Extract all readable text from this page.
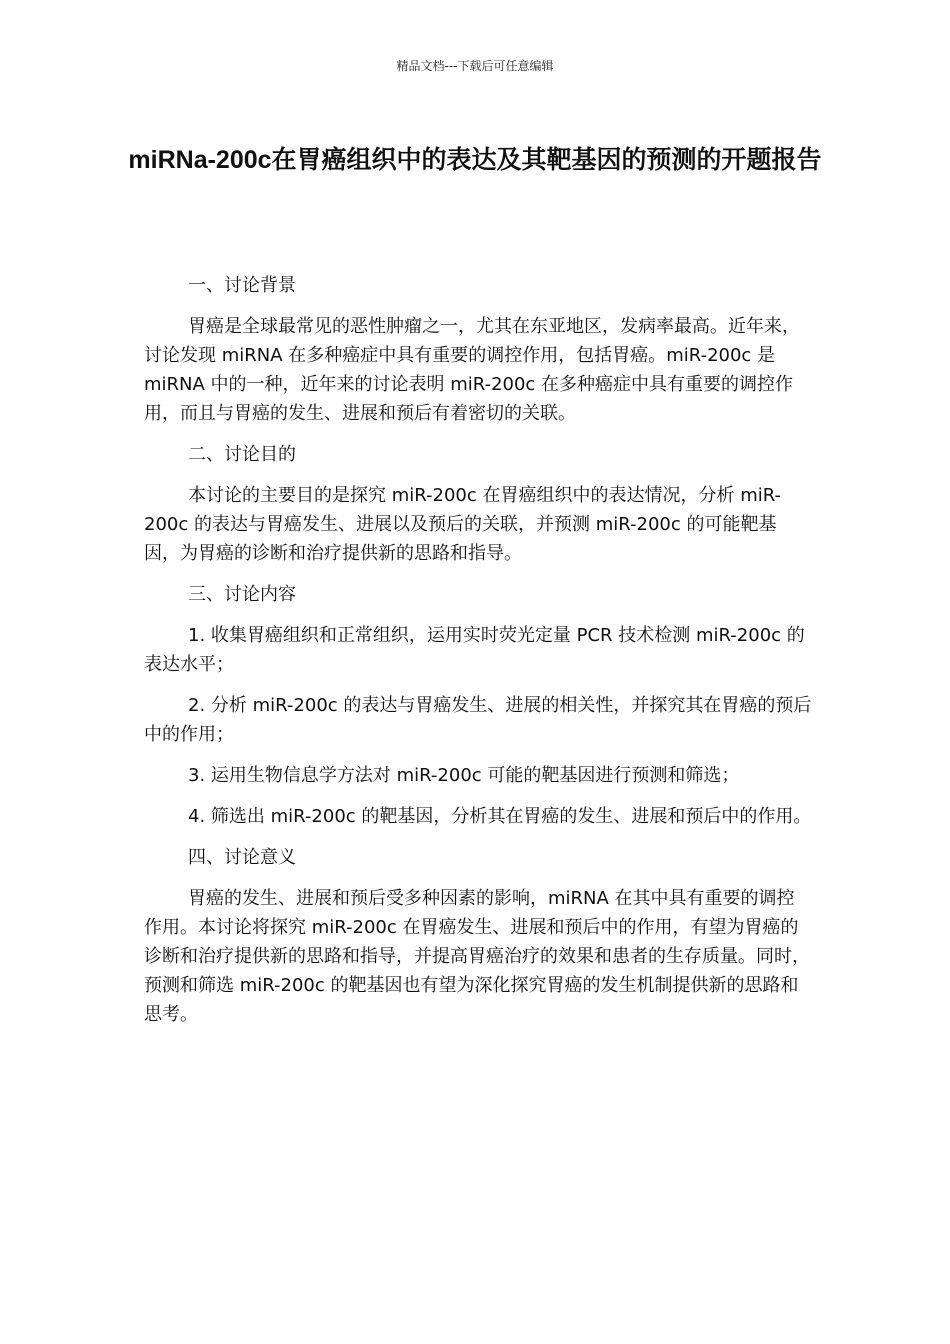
精品文档---下载后可任意编辑
miRNa-200c在胃癌组织中的表达及其靶基因的预测的开题报告

一、讨论背景

胃癌是全球最常见的恶性肿瘤之一，尤其在东亚地区，发病率最高。近年来，讨论发现 miRNA 在多种癌症中具有重要的调控作用，包括胃癌。miR-200c 是 miRNA 中的一种，近年来的讨论表明 miR-200c 在多种癌症中具有重要的调控作用，而且与胃癌的发生、进展和预后有着密切的关联。

二、讨论目的

本讨论的主要目的是探究 miR-200c 在胃癌组织中的表达情况，分析 miR-200c 的表达与胃癌发生、进展以及预后的关联，并预测 miR-200c 的可能靶基因，为胃癌的诊断和治疗提供新的思路和指导。

三、讨论内容

1. 收集胃癌组织和正常组织，运用实时荧光定量 PCR 技术检测 miR-200c 的表达水平；

2. 分析 miR-200c 的表达与胃癌发生、进展的相关性，并探究其在胃癌的预后中的作用；

3. 运用生物信息学方法对 miR-200c 可能的靶基因进行预测和筛选；

4. 筛选出 miR-200c 的靶基因，分析其在胃癌的发生、进展和预后中的作用。

四、讨论意义

胃癌的发生、进展和预后受多种因素的影响，miRNA 在其中具有重要的调控作用。本讨论将探究 miR-200c 在胃癌发生、进展和预后中的作用，有望为胃癌的诊断和治疗提供新的思路和指导，并提高胃癌治疗的效果和患者的生存质量。同时，预测和筛选 miR-200c 的靶基因也有望为深化探究胃癌的发生机制提供新的思路和思考。
